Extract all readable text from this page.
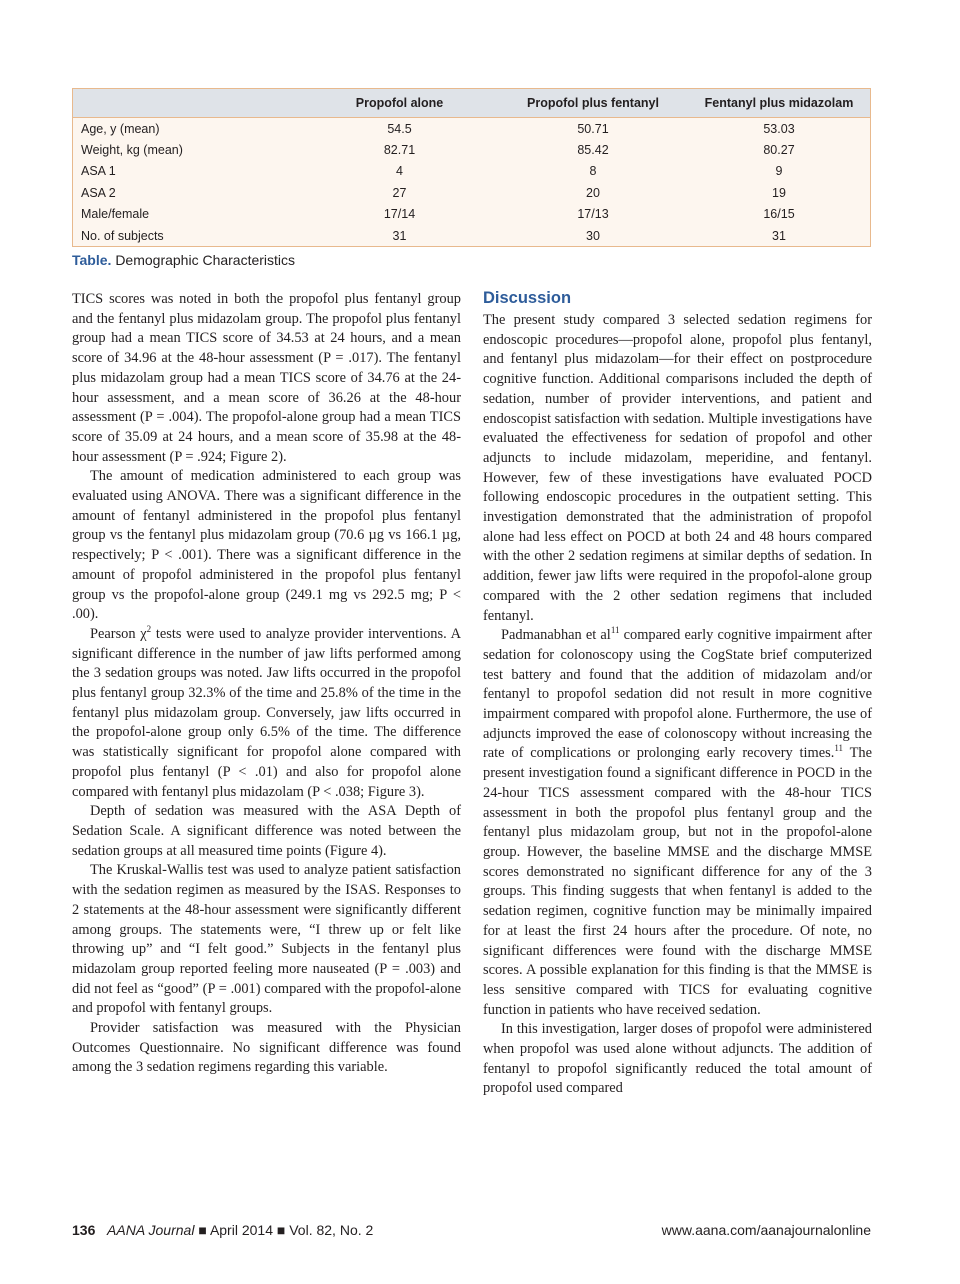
	Propofol alone	Propofol plus fentanyl	Fentanyl plus midazolam
Age, y (mean)	54.5	50.71	53.03
Weight, kg (mean)	82.71	85.42	80.27
ASA 1	4	8	9
ASA 2	27	20	19
Male/female	17/14	17/13	16/15
No. of subjects	31	30	31
Table. Demographic Characteristics

TICS scores was noted in both the propofol plus fentanyl group and the fentanyl plus midazolam group. The propofol plus fentanyl group had a mean TICS score of 34.53 at 24 hours, and a mean score of 34.96 at the 48-hour assessment (P = .017). The fentanyl plus midazolam group had a mean TICS score of 34.76 at the 24-hour assessment, and a mean score of 36.26 at the 48-hour assessment (P = .004). The propofol-alone group had a mean TICS score of 35.09 at 24 hours, and a mean score of 35.98 at the 48-hour assessment (P = .924; Figure 2).

The amount of medication administered to each group was evaluated using ANOVA. There was a significant difference in the amount of fentanyl administered in the propofol plus fentanyl group vs the fentanyl plus midazolam group (70.6 µg vs 166.1 µg, respectively; P < .001). There was a significant difference in the amount of propofol administered in the propofol plus fentanyl group vs the propofol-alone group (249.1 mg vs 292.5 mg; P < .00).

Pearson $\chi^2$ tests were used to analyze provider interventions. A significant difference in the number of jaw lifts performed among the 3 sedation groups was noted. Jaw lifts occurred in the propofol plus fentanyl group 32.3% of the time and 25.8% of the time in the fentanyl plus midazolam group. Conversely, jaw lifts occurred in the propofol-alone group only 6.5% of the time. The difference was statistically significant for propofol alone compared with propofol plus fentanyl (P < .01) and also for propofol alone compared with fentanyl plus midazolam (P < .038; Figure 3).

Depth of sedation was measured with the ASA Depth of Sedation Scale. A significant difference was noted between the sedation groups at all measured time points (Figure 4).

The Kruskal-Wallis test was used to analyze patient satisfaction with the sedation regimen as measured by the ISAS. Responses to 2 statements at the 48-hour assessment were significantly different among groups. The statements were, “I threw up or felt like throwing up” and “I felt good.” Subjects in the fentanyl plus midazolam group reported feeling more nauseated (P = .003) and did not feel as “good” (P = .001) compared with the propofol-alone and propofol with fentanyl groups.

Provider satisfaction was measured with the Physician Outcomes Questionnaire. No significant difference was found among the 3 sedation regimens regarding this variable.

Discussion

The present study compared 3 selected sedation regimens for endoscopic procedures—propofol alone, propofol plus fentanyl, and fentanyl plus midazolam—for their effect on postprocedure cognitive function. Additional comparisons included the depth of sedation, number of provider interventions, and patient and endoscopist satisfaction with sedation. Multiple investigations have evaluated the effectiveness for sedation of propofol and other adjuncts to include midazolam, meperidine, and fentanyl. However, few of these investigations have evaluated POCD following endoscopic procedures in the outpatient setting. This investigation demonstrated that the administration of propofol alone had less effect on POCD at both 24 and 48 hours compared with the other 2 sedation regimens at similar depths of sedation. In addition, fewer jaw lifts were required in the propofol-alone group compared with the 2 other sedation regimens that included fentanyl.

Padmanabhan et $al^{11}$ compared early cognitive impairment after sedation for colonoscopy using the CogState brief computerized test battery and found that the addition of midazolam and/or fentanyl to propofol sedation did not result in more cognitive impairment compared with propofol alone. Furthermore, the use of adjuncts improved the ease of colonoscopy without increasing the rate of complications or prolonging early recovery times.$^{11}$ The present investigation found a significant difference in POCD in the 24-hour TICS assessment compared with the 48-hour TICS assessment in both the propofol plus fentanyl group and the fentanyl plus midazolam group, but not in the propofol-alone group. However, the baseline MMSE and the discharge MMSE scores demonstrated no significant difference for any of the 3 groups. This finding suggests that when fentanyl is added to the sedation regimen, cognitive function may be minimally impaired for at least the first 24 hours after the procedure. Of note, no significant differences were found with the discharge MMSE scores. A possible explanation for this finding is that the MMSE is less sensitive compared with TICS for evaluating cognitive function in patients who have received sedation.

In this investigation, larger doses of propofol were administered when propofol was used alone without adjuncts. The addition of fentanyl to propofol significantly reduced the total amount of propofol used compared

136 AANA Journal ■ April 2014 ■ Vol. 82, No. 2	www.aana.com/aanajournalonline
